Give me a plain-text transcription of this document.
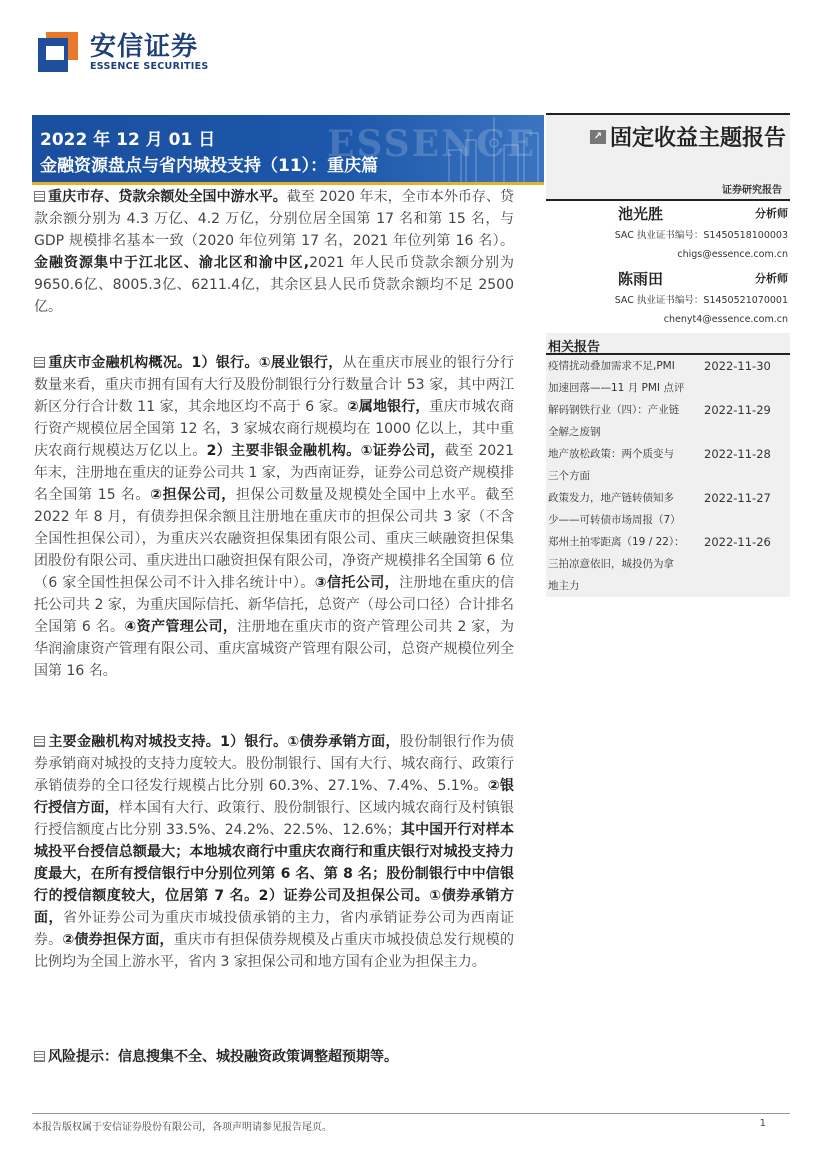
安信证券
ESSENCE SECURITIES
ESSENCE
2022 年 12 月 01 日
金融资源盘点与省内城投支持（11）：重庆篇
↗ 固定收益主题报告
证券研究报告
池光胜	分析师
SAC 执业证书编号：S1450518100003
chigs@essence.com.cn
陈雨田	分析师
SAC 执业证书编号：S1450521070001
chenyt4@essence.com.cn
相关报告
疫情扰动叠加需求不足,PMI	2022-11-30
加速回落——11 月 PMI 点评
解码钢铁行业（四）：产业链	2022-11-29
全解之废钢
地产放松政策：两个质变与	2022-11-28
三个方面
政策发力，地产链转债知多	2022-11-27
少——可转债市场周报（7）
郑州土拍零距离（19 / 22）：	2022-11-26
三拍凉意依旧，城投仍为拿
地主力
重庆市存、贷款余额处全国中游水平。截至 2020 年末，全市本外币存、贷款余额分别为 4.3 万亿、4.2 万亿，分别位居全国第 17 名和第 15 名，与 GDP 规模排名基本一致（2020 年位列第 17 名，2021 年位列第 16 名）。金融资源集中于江北区、渝北区和渝中区,2021 年人民币贷款余额分别为 9650.6亿、8005.3亿、6211.4亿，其余区县人民币贷款余额均不足 2500 亿。
重庆市金融机构概况。1）银行。①展业银行，从在重庆市展业的银行分行数量来看，重庆市拥有国有大行及股份制银行分行数量合计 53 家，其中两江新区分行合计数 11 家，其余地区均不高于 6 家。②属地银行，重庆市城农商行资产规模位居全国第 12 名，3 家城农商行规模均在 1000 亿以上，其中重庆农商行规模达万亿以上。2）主要非银金融机构。①证券公司，截至 2021 年末，注册地在重庆的证券公司共 1 家，为西南证券，证券公司总资产规模排名全国第 15 名。②担保公司，担保公司数量及规模处全国中上水平。截至 2022 年 8 月，有债券担保余额且注册地在重庆市的担保公司共 3 家（不含全国性担保公司），为重庆兴农融资担保集团有限公司、重庆三峡融资担保集团股份有限公司、重庆进出口融资担保有限公司，净资产规模排名全国第 6 位（6 家全国性担保公司不计入排名统计中）。③信托公司，注册地在重庆的信托公司共 2 家，为重庆国际信托、新华信托，总资产（母公司口径）合计排名全国第 6 名。④资产管理公司，注册地在重庆市的资产管理公司共 2 家，为华润渝康资产管理有限公司、重庆富城资产管理有限公司，总资产规模位列全国第 16 名。
主要金融机构对城投支持。1）银行。①债券承销方面，股份制银行作为债券承销商对城投的支持力度较大。股份制银行、国有大行、城农商行、政策行承销债券的全口径发行规模占比分别 60.3%、27.1%、7.4%、5.1%。②银行授信方面，样本国有大行、政策行、股份制银行、区域内城农商行及村镇银行授信额度占比分别 33.5%、24.2%、22.5%、12.6%；其中国开行对样本城投平台授信总额最大；本地城农商行中重庆农商行和重庆银行对城投支持力度最大，在所有授信银行中分别位列第 6 名、第 8 名；股份制银行中中信银行的授信额度较大，位居第 7 名。2）证券公司及担保公司。①债券承销方面，省外证券公司为重庆市城投债承销的主力，省内承销证券公司为西南证券。②债券担保方面，重庆市有担保债券规模及占重庆市城投债总发行规模的比例均为全国上游水平，省内 3 家担保公司和地方国有企业为担保主力。
风险提示：信息搜集不全、城投融资政策调整超预期等。
本报告版权属于安信证券股份有限公司，各项声明请参见报告尾页。	1
